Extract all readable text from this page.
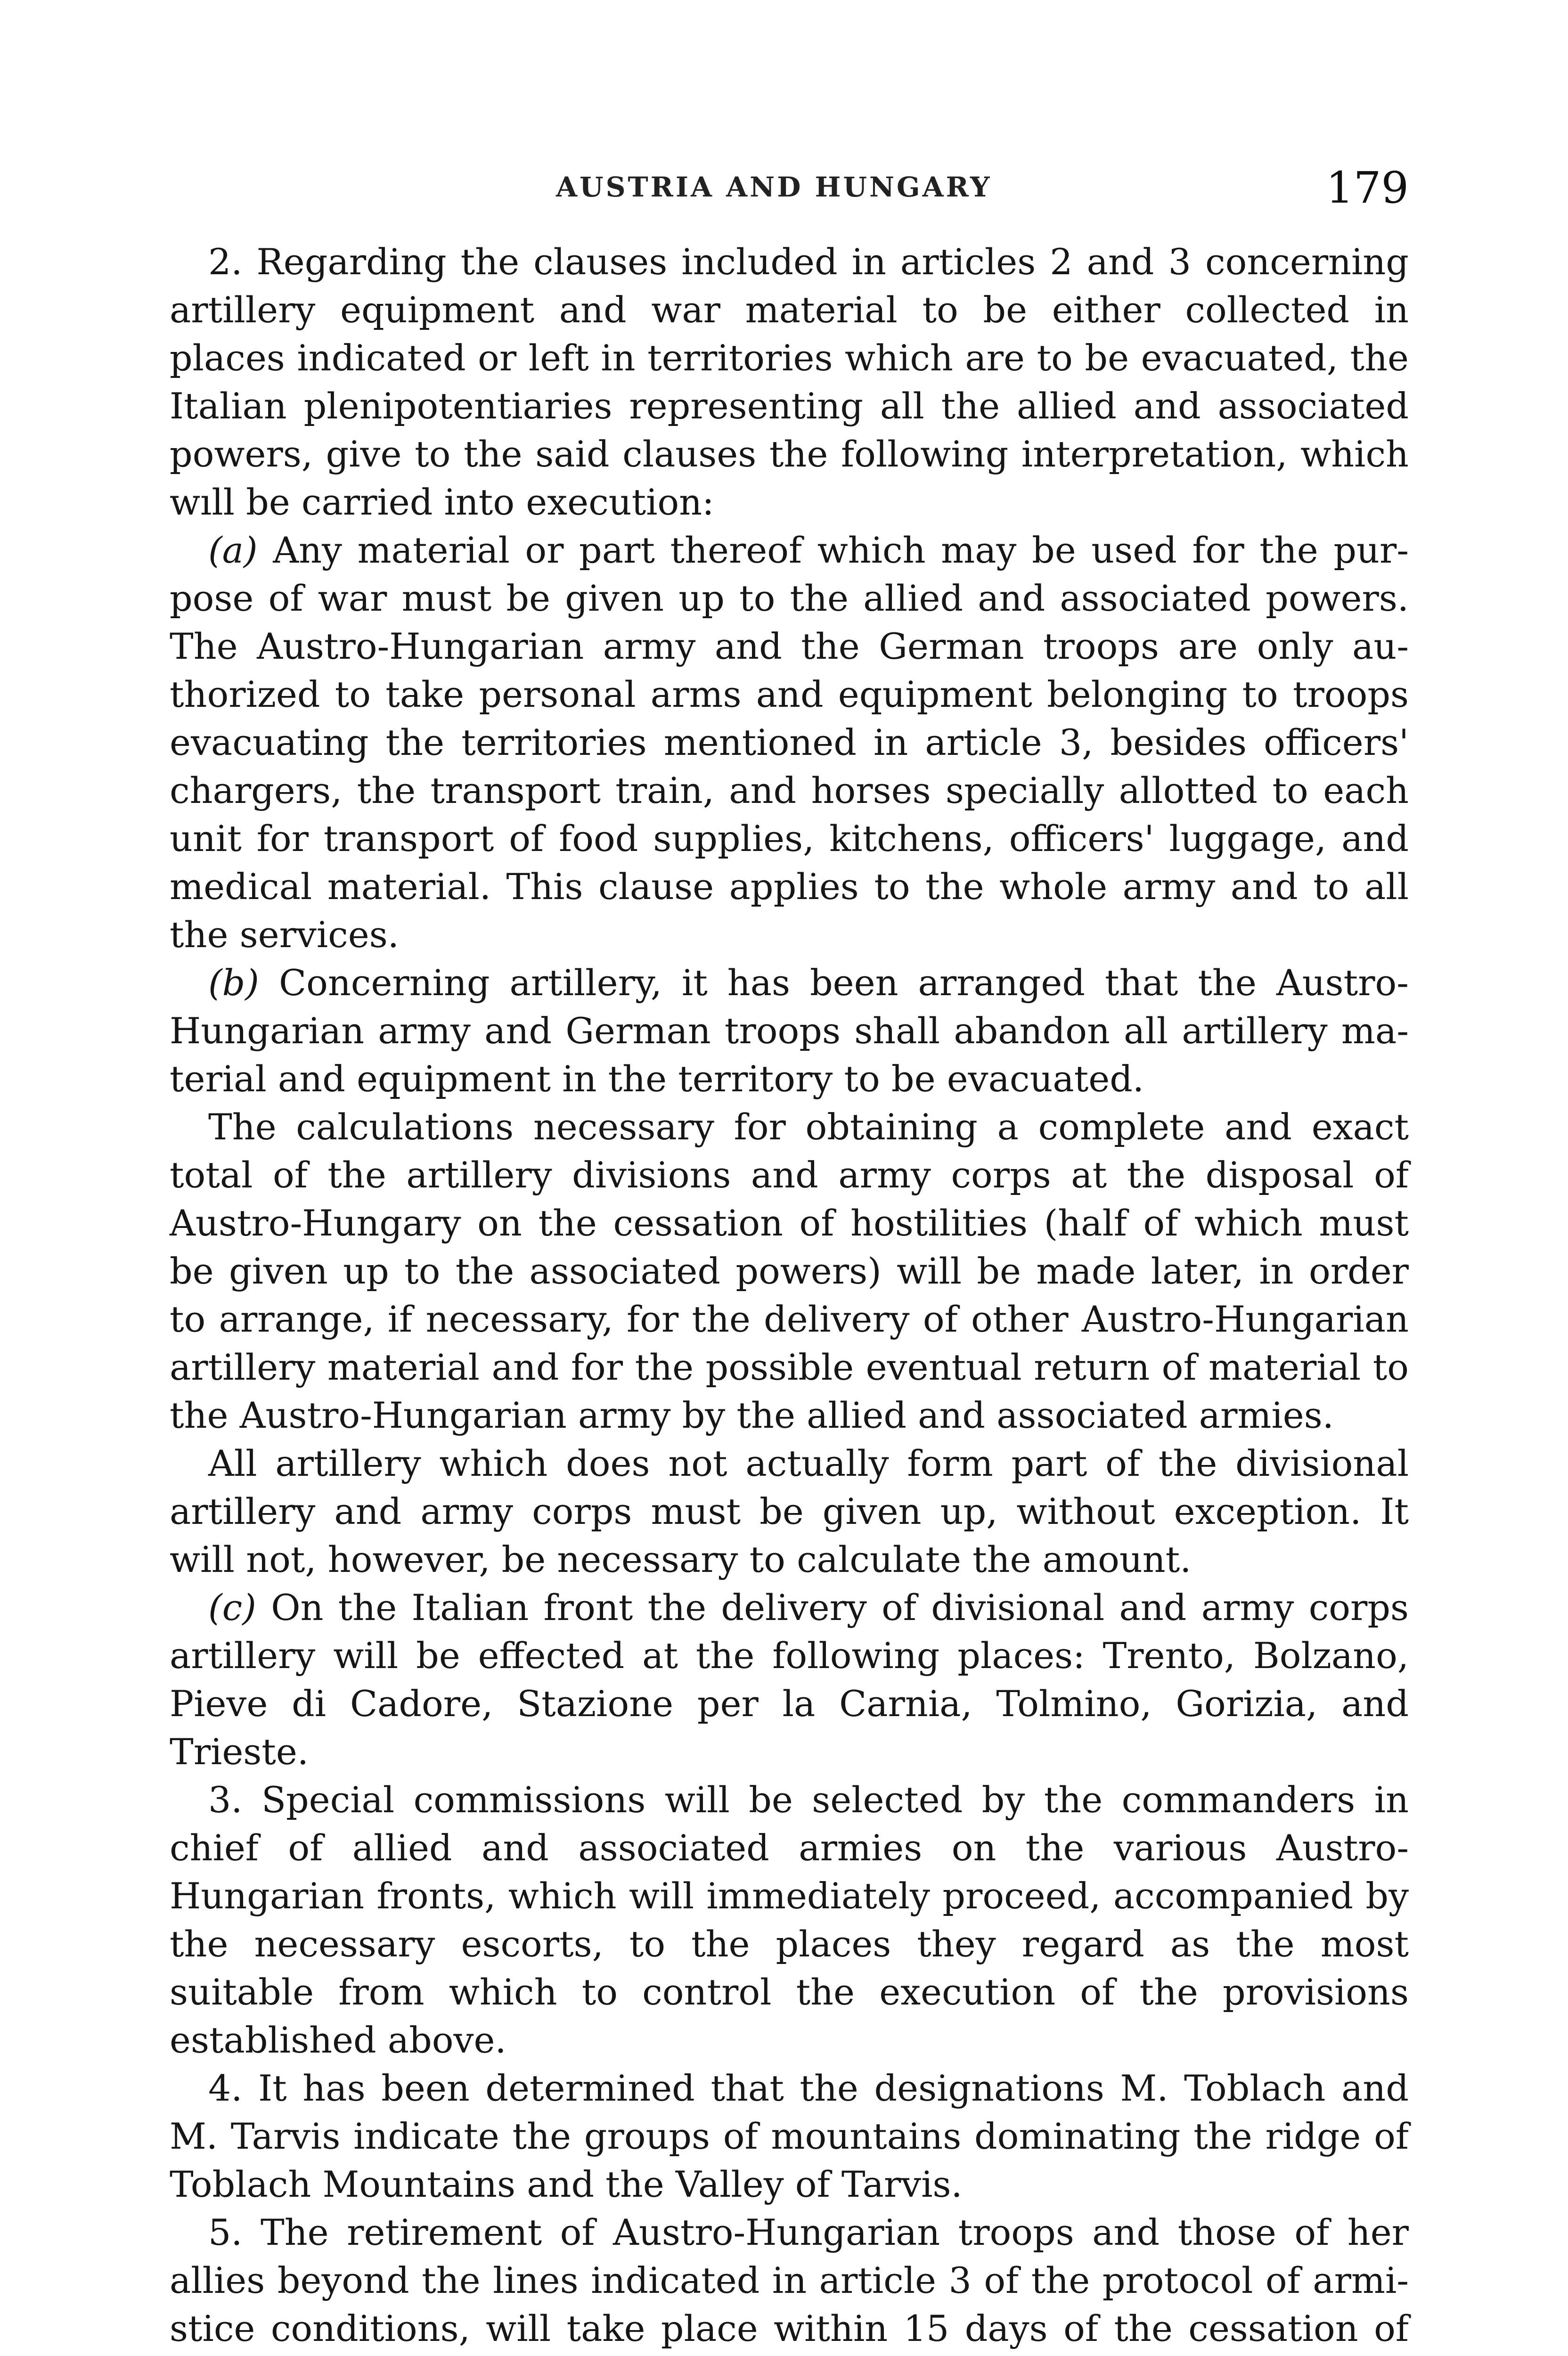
AUSTRIA AND HUNGARY	179

2. Regarding the clauses included in articles 2 and 3 concerning artillery equipment and war material to be either collected in places indicated or left in territories which are to be evacuated, the Italian plenipotentiaries representing all the allied and associated powers, give to the said clauses the following interpretation, which wıll be carried into execution:

(a) Any material or part thereof which may be used for the purpose of war must be given up to the allied and associated powers. The Austro-Hungarian army and the German troops are only authorized to take personal arms and equipment belonging to troops evacuating the territories mentioned in article 3, besides officers' chargers, the transport train, and horses specially allotted to each unit for transport of food supplies, kitchens, officers' luggage, and medical material. This clause applies to the whole army and to all the services.

(b) Concerning artillery, it has been arranged that the Austro-Hungarian army and German troops shall abandon all artillery material and equipment in the territory to be evacuated.

The calculations necessary for obtaining a complete and exact total of the artillery divisions and army corps at the disposal of Austro-Hungary on the cessation of hostilities (half of which must be given up to the associated powers) will be made later, in order to arrange, if necessary, for the delivery of other Austro-Hungarian artillery material and for the possible eventual return of material to the Austro-Hungarian army by the allied and associated armies.

All artillery which does not actually form part of the divisional artillery and army corps must be given up, without exception. It will not, however, be necessary to calculate the amount.

(c) On the Italian front the delivery of divisional and army corps artillery will be effected at the following places: Trento, Bolzano, Pieve di Cadore, Stazione per la Carnia, Tolmino, Gorizia, and Trieste.

3. Special commissions will be selected by the commanders in chief of allied and associated armies on the various Austro-Hungarian fronts, which will immediately proceed, accompanied by the necessary escorts, to the places they regard as the most suitable from which to control the execution of the provisions established above.

4. It has been determined that the designations M. Toblach and M. Tarvis indicate the groups of mountains dominating the ridge of Toblach Mountains and the Valley of Tarvis.

5. The retirement of Austro-Hungarian troops and those of her allies beyond the lines indicated in article 3 of the protocol of armistice conditions, will take place within 15 days of the cessation of
